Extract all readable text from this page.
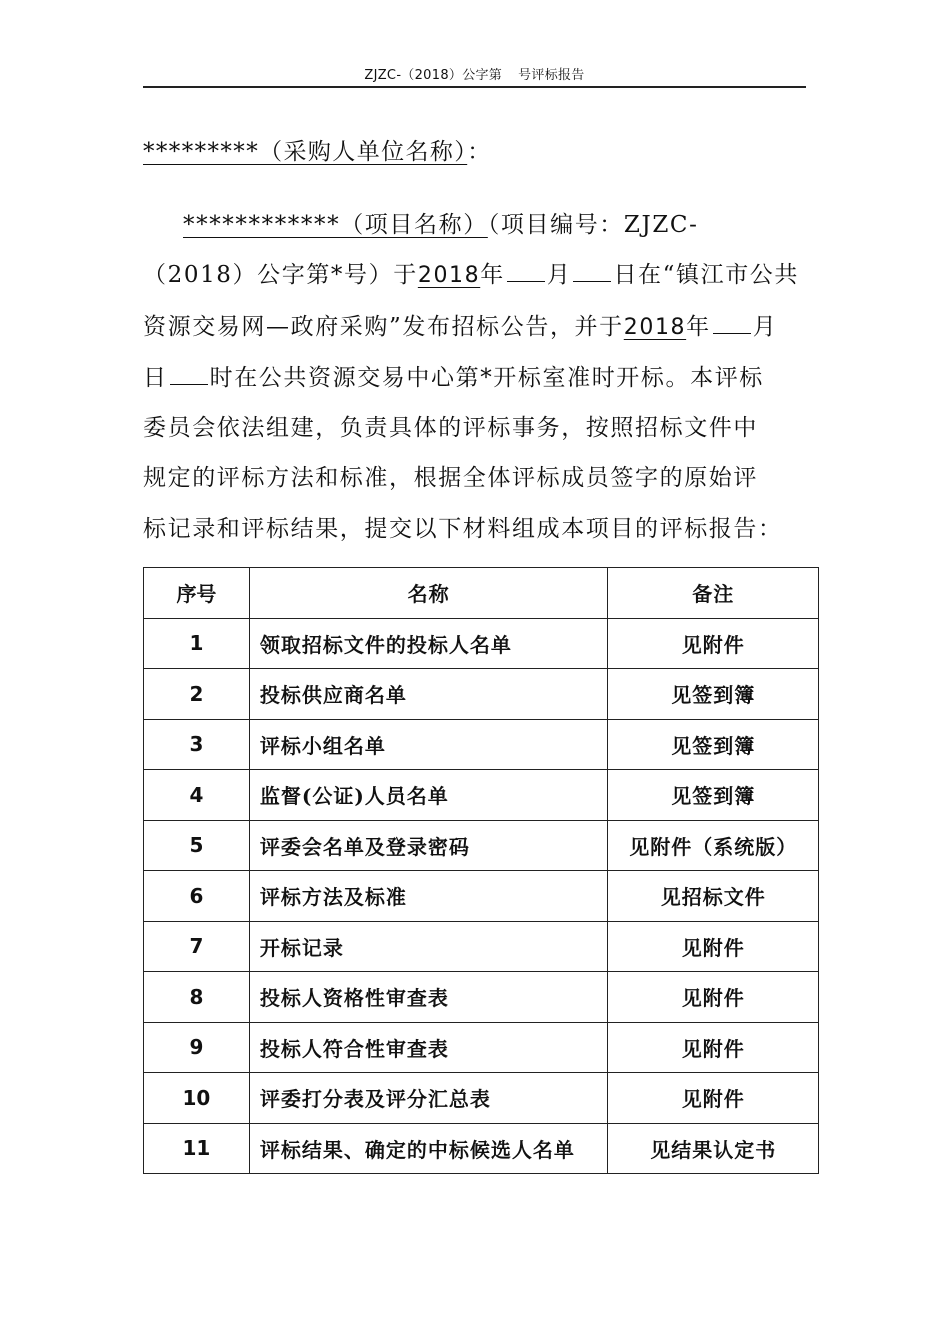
ZJZC-（2018）公字第 号评标报告
*********（采购人单位名称）：
************（项目名称）（项目编号：ZJZC-
（2018）公字第*号）于2018年 月 日在“镇江市公共
资源交易网—政府采购”发布招标公告，并于2018年 月
日 时在公共资源交易中心第*开标室准时开标。本评标
委员会依法组建，负责具体的评标事务，按照招标文件中
规定的评标方法和标准，根据全体评标成员签字的原始评
标记录和评标结果，提交以下材料组成本项目的评标报告：
序号	名称	备注
1	领取招标文件的投标人名单	见附件
2	投标供应商名单	见签到簿
3	评标小组名单	见签到簿
4	监督(公证)人员名单	见签到簿
5	评委会名单及登录密码	见附件（系统版）
6	评标方法及标准	见招标文件
7	开标记录	见附件
8	投标人资格性审查表	见附件
9	投标人符合性审查表	见附件
10	评委打分表及评分汇总表	见附件
11	评标结果、确定的中标候选人名单	见结果认定书
